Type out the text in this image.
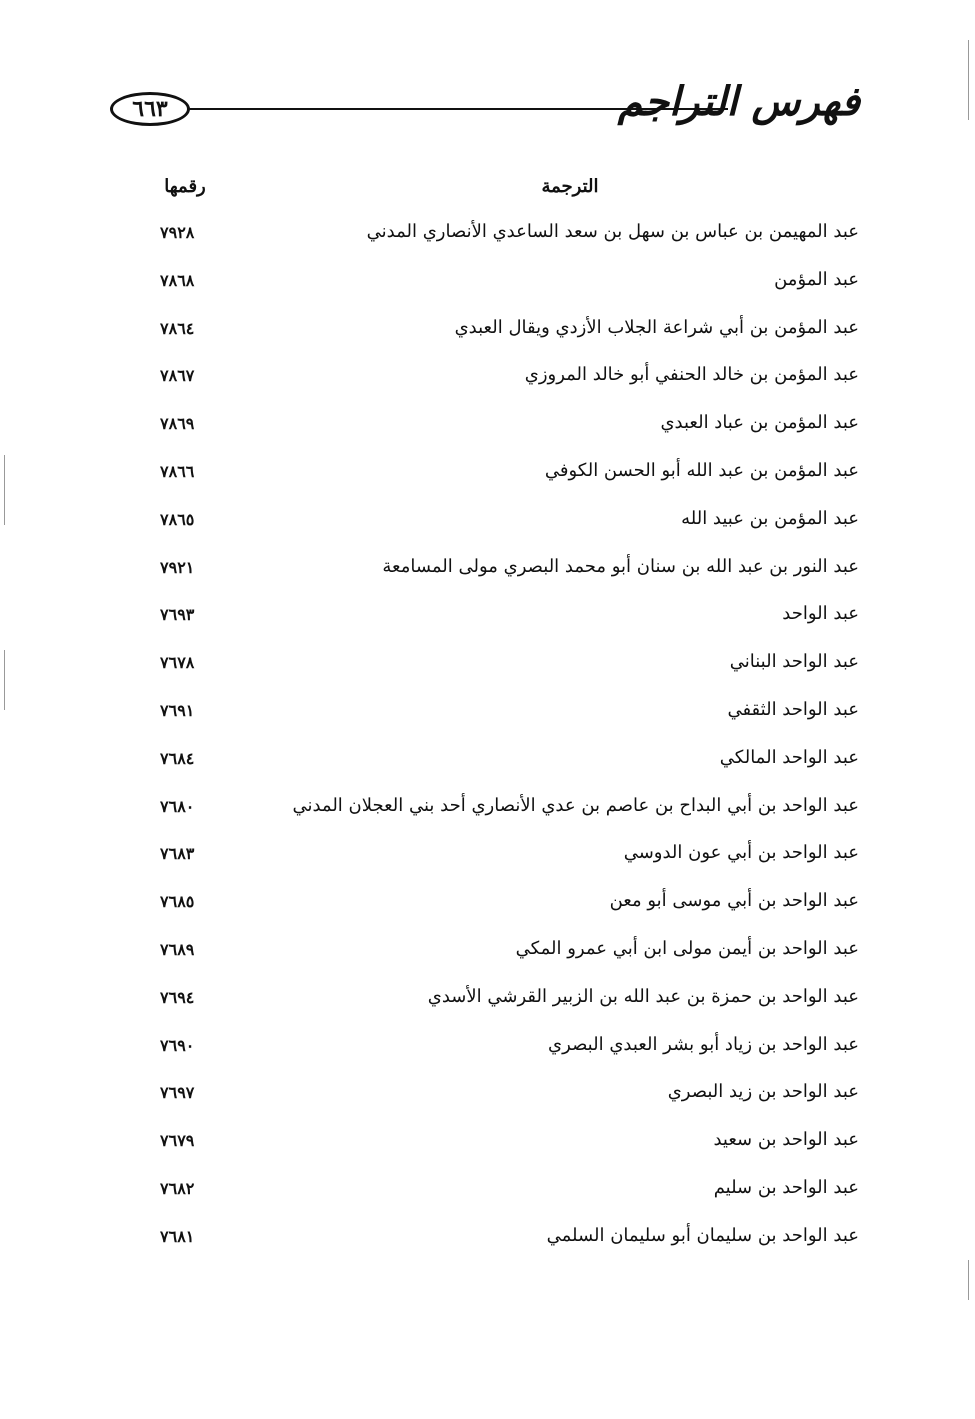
٦٦٣	فهرس التراجم
الترجمة
رقمها
عبد المهيمن بن عباس بن سهل بن سعد الساعدي الأنصاري المدني
٧٩٢٨
عبد المؤمن
٧٨٦٨
عبد المؤمن بن أبي شراعة الجلاب الأزدي ويقال العبدي
٧٨٦٤
عبد المؤمن بن خالد الحنفي أبو خالد المروزي
٧٨٦٧
عبد المؤمن بن عباد العبدي
٧٨٦٩
عبد المؤمن بن عبد الله أبو الحسن الكوفي
٧٨٦٦
عبد المؤمن بن عبيد الله
٧٨٦٥
عبد النور بن عبد الله بن سنان أبو محمد البصري مولى المسامعة
٧٩٢١
عبد الواحد
٧٦٩٣
عبد الواحد البناني
٧٦٧٨
عبد الواحد الثقفي
٧٦٩١
عبد الواحد المالكي
٧٦٨٤
عبد الواحد بن أبي البداح بن عاصم بن عدي الأنصاري أحد بني العجلان المدني
٧٦٨٠
عبد الواحد بن أبي عون الدوسي
٧٦٨٣
عبد الواحد بن أبي موسى أبو معن
٧٦٨٥
عبد الواحد بن أيمن مولى ابن أبي عمرو المكي
٧٦٨٩
عبد الواحد بن حمزة بن عبد الله بن الزبير القرشي الأسدي
٧٦٩٤
عبد الواحد بن زياد أبو بشر العبدي البصري
٧٦٩٠
عبد الواحد بن زيد البصري
٧٦٩٧
عبد الواحد بن سعيد
٧٦٧٩
عبد الواحد بن سليم
٧٦٨٢
عبد الواحد بن سليمان أبو سليمان السلمي
٧٦٨١
